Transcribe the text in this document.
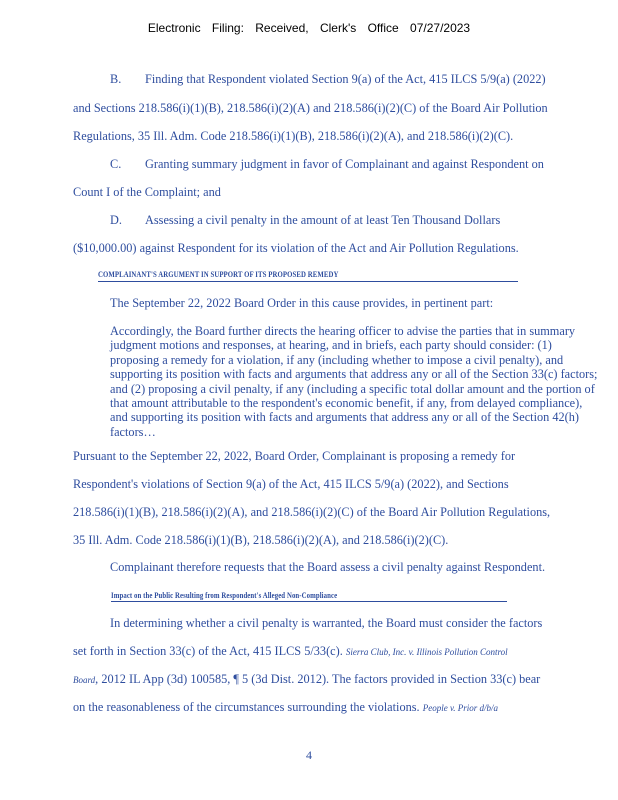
Electronic Filing: Received, Clerk's Office 07/27/2023
B. Finding that Respondent violated Section 9(a) of the Act, 415 ILCS 5/9(a) (2022)
and Sections 218.586(i)(1)(B), 218.586(i)(2)(A) and 218.586(i)(2)(C) of the Board Air Pollution
Regulations, 35 Ill. Adm. Code 218.586(i)(1)(B), 218.586(i)(2)(A), and 218.586(i)(2)(C).
C. Granting summary judgment in favor of Complainant and against Respondent on
Count I of the Complaint; and
D. Assessing a civil penalty in the amount of at least Ten Thousand Dollars
($10,000.00) against Respondent for its violation of the Act and Air Pollution Regulations.
COMPLAINANT'S ARGUMENT IN SUPPORT OF ITS PROPOSED REMEDY
The September 22, 2022 Board Order in this cause provides, in pertinent part:
Accordingly, the Board further directs the hearing officer to advise the parties that in summary judgment motions and responses, at hearing, and in briefs, each party should consider: (1) proposing a remedy for a violation, if any (including whether to impose a civil penalty), and supporting its position with facts and arguments that address any or all of the Section 33(c) factors; and (2) proposing a civil penalty, if any (including a specific total dollar amount and the portion of that amount attributable to the respondent's economic benefit, if any, from delayed compliance), and supporting its position with facts and arguments that address any or all of the Section 42(h) factors…
Pursuant to the September 22, 2022, Board Order, Complainant is proposing a remedy for
Respondent's violations of Section 9(a) of the Act, 415 ILCS 5/9(a) (2022), and Sections
218.586(i)(1)(B), 218.586(i)(2)(A), and 218.586(i)(2)(C) of the Board Air Pollution Regulations,
35 Ill. Adm. Code 218.586(i)(1)(B), 218.586(i)(2)(A), and 218.586(i)(2)(C).
Complainant therefore requests that the Board assess a civil penalty against Respondent.
Impact on the Public Resulting from Respondent's Alleged Non-Compliance
In determining whether a civil penalty is warranted, the Board must consider the factors
set forth in Section 33(c) of the Act, 415 ILCS 5/33(c). Sierra Club, Inc. v. Illinois Pollution Control
Board, 2012 IL App (3d) 100585, ¶ 5 (3d Dist. 2012). The factors provided in Section 33(c) bear
on the reasonableness of the circumstances surrounding the violations. People v. Prior d/b/a
4
